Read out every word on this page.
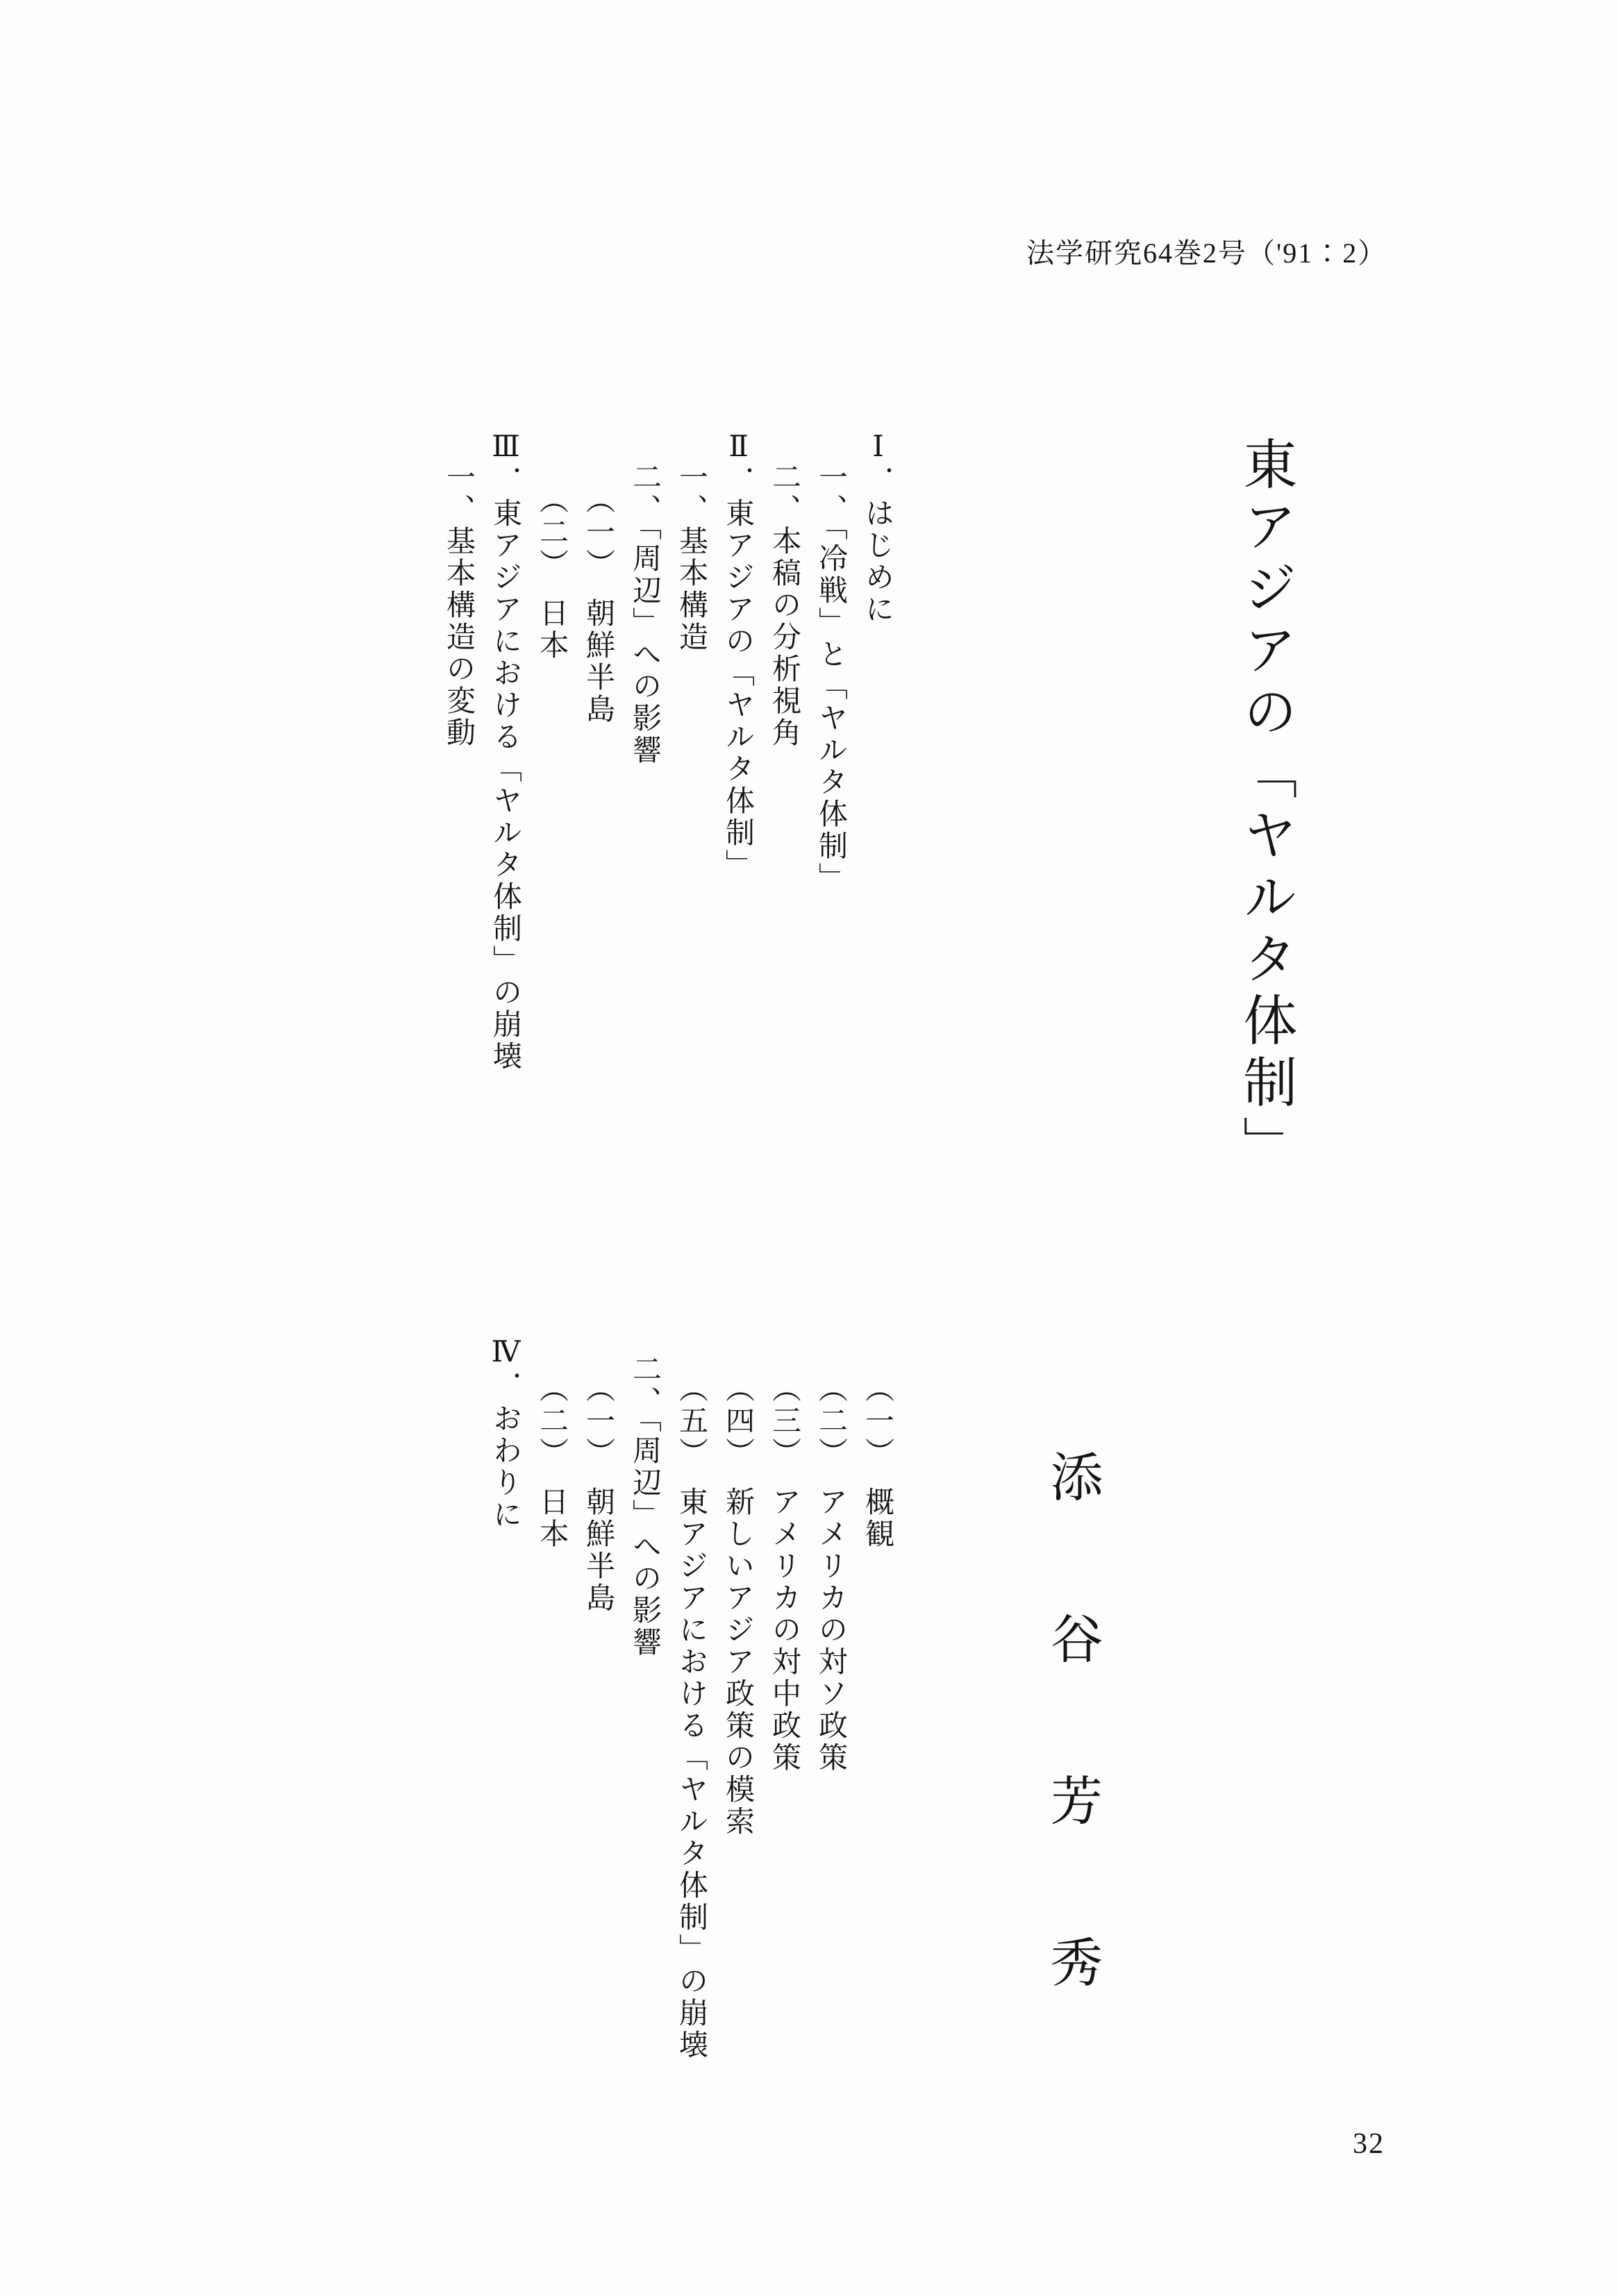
法学研究64巻2号（'91：2）
東アジアの「ヤルタ体制」
添谷芳秀
Ⅰ．はじめに
一、「冷戦」と「ヤルタ体制」
二、本稿の分析視角
Ⅱ．東アジアの「ヤルタ体制」
一、基本構造
二、「周辺」への影響
（一）　朝鮮半島
（二）　日本
Ⅲ．東アジアにおける「ヤルタ体制」の崩壊
一、基本構造の変動
（一）　概観
（二）　アメリカの対ソ政策
（三）　アメリカの対中政策
（四）　新しいアジア政策の模索
（五）　東アジアにおける「ヤルタ体制」の崩壊
二、「周辺」への影響
（一）　朝鮮半島
（二）　日本
Ⅳ．おわりに
32
